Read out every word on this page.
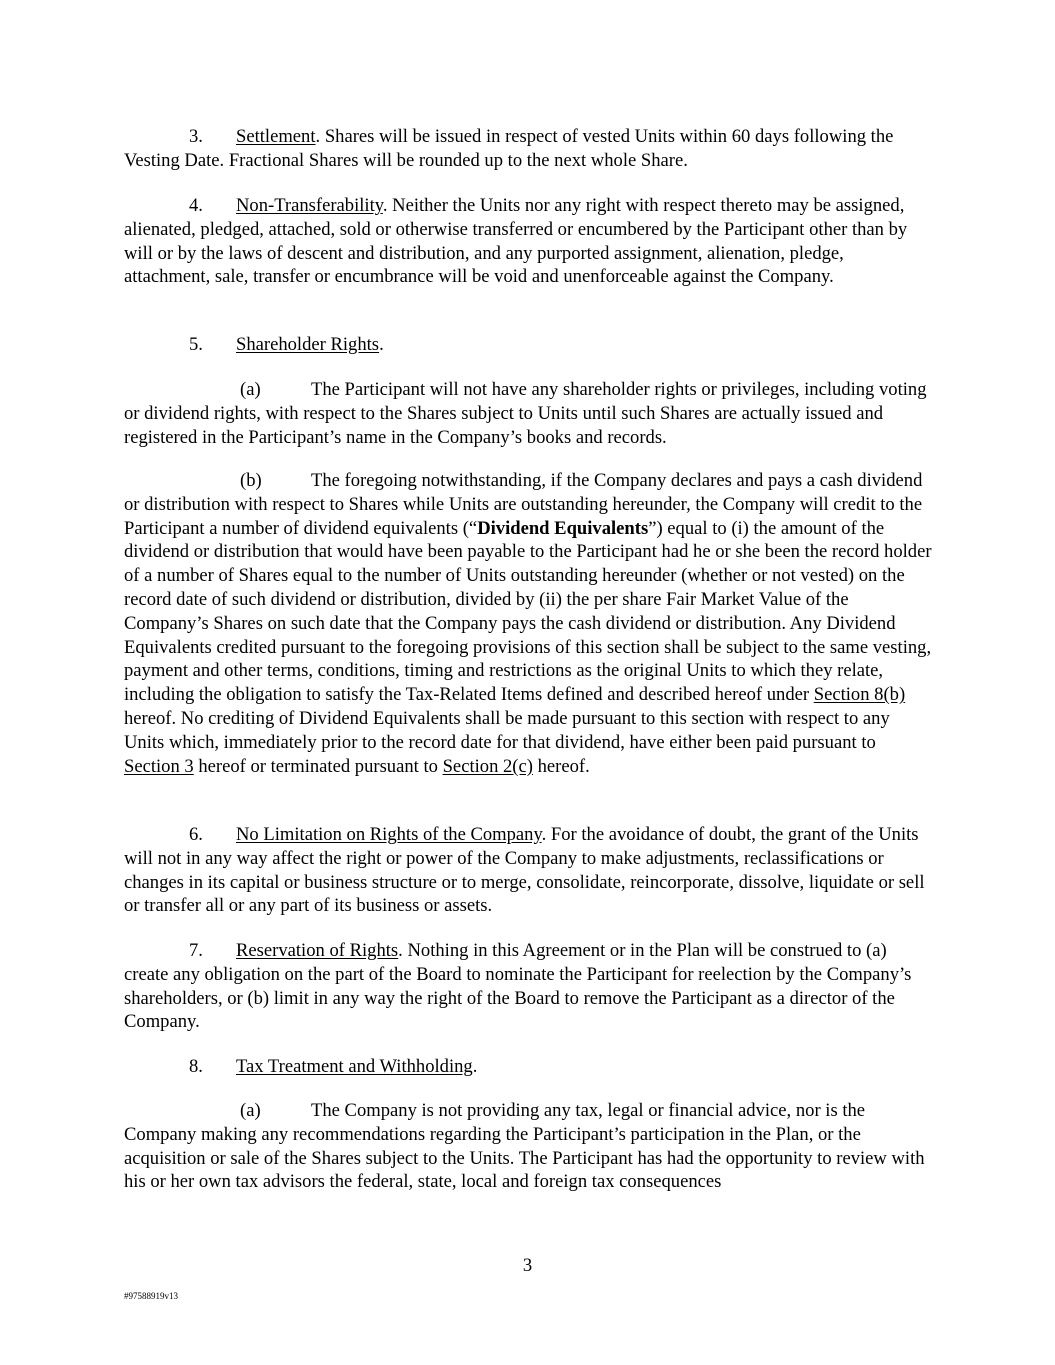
3. Settlement. Shares will be issued in respect of vested Units within 60 days following the Vesting Date. Fractional Shares will be rounded up to the next whole Share.

4. Non-Transferability. Neither the Units nor any right with respect thereto may be assigned, alienated, pledged, attached, sold or otherwise transferred or encumbered by the Participant other than by will or by the laws of descent and distribution, and any purported assignment, alienation, pledge, attachment, sale, transfer or encumbrance will be void and unenforceable against the Company.

5. Shareholder Rights.

(a)	The Participant will not have any shareholder rights or privileges, including voting or dividend rights, with respect to the Shares subject to Units until such Shares are actually issued and registered in the Participant’s name in the Company’s books and records.

(b)	The foregoing notwithstanding, if the Company declares and pays a cash dividend or distribution with respect to Shares while Units are outstanding hereunder, the Company will credit to the Participant a number of dividend equivalents (“Dividend Equivalents”) equal to (i) the amount of the dividend or distribution that would have been payable to the Participant had he or she been the record holder of a number of Shares equal to the number of Units outstanding hereunder (whether or not vested) on the record date of such dividend or distribution, divided by (ii) the per share Fair Market Value of the Company’s Shares on such date that the Company pays the cash dividend or distribution. Any Dividend Equivalents credited pursuant to the foregoing provisions of this section shall be subject to the same vesting, payment and other terms, conditions, timing and restrictions as the original Units to which they relate, including the obligation to satisfy the Tax-Related Items defined and described hereof under Section 8(b) hereof. No crediting of Dividend Equivalents shall be made pursuant to this section with respect to any Units which, immediately prior to the record date for that dividend, have either been paid pursuant to Section 3 hereof or terminated pursuant to Section 2(c) hereof.

6. No Limitation on Rights of the Company. For the avoidance of doubt, the grant of the Units will not in any way affect the right or power of the Company to make adjustments, reclassifications or changes in its capital or business structure or to merge, consolidate, reincorporate, dissolve, liquidate or sell or transfer all or any part of its business or assets.

7. Reservation of Rights. Nothing in this Agreement or in the Plan will be construed to (a) create any obligation on the part of the Board to nominate the Participant for reelection by the Company’s shareholders, or (b) limit in any way the right of the Board to remove the Participant as a director of the Company.

8. Tax Treatment and Withholding.

(a)	The Company is not providing any tax, legal or financial advice, nor is the Company making any recommendations regarding the Participant’s participation in the Plan, or the acquisition or sale of the Shares subject to the Units. The Participant has had the opportunity to review with his or her own tax advisors the federal, state, local and foreign tax consequences

3
#97588919v13
